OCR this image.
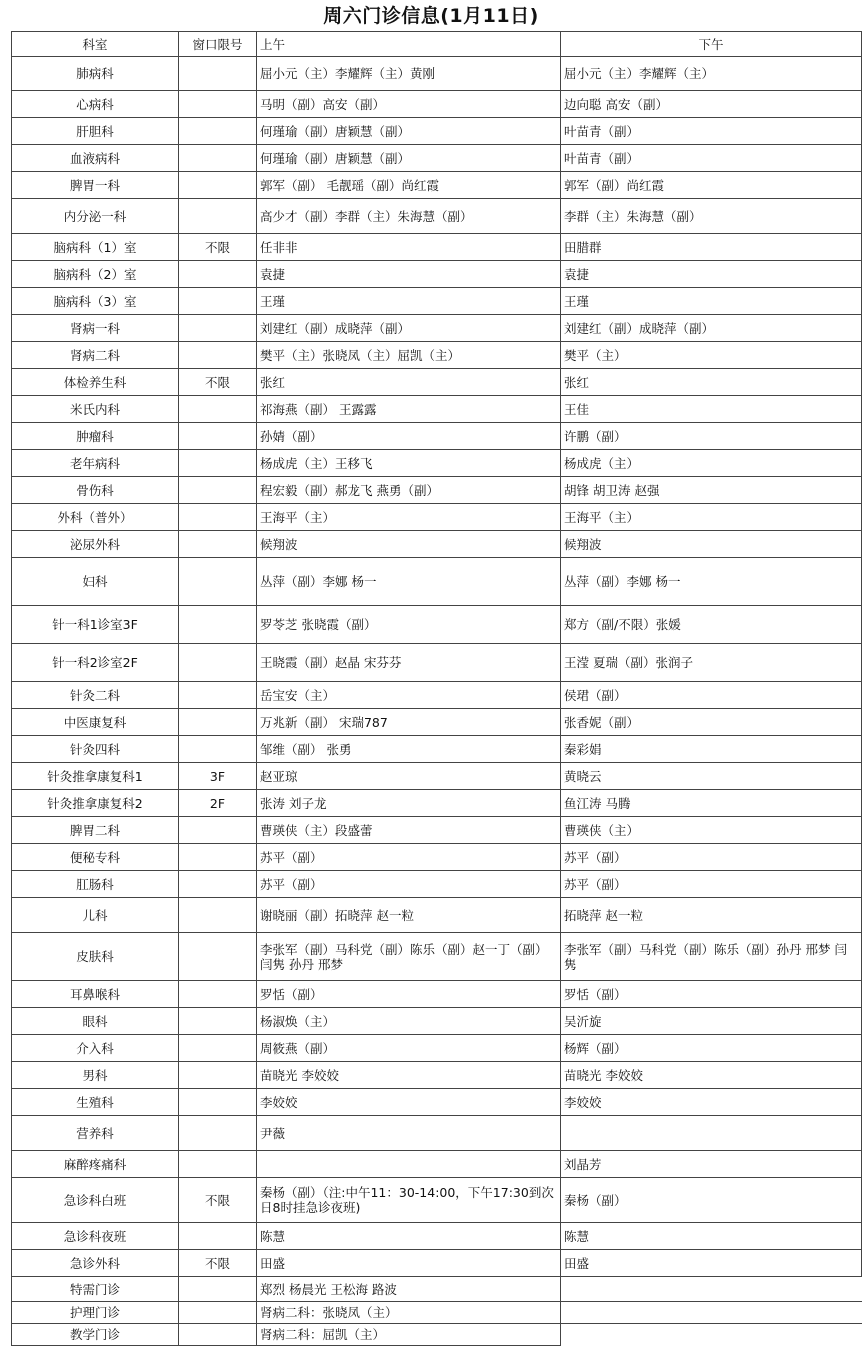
周六门诊信息(1月11日)
科室	窗口限号	上午	下午
肺病科		屈小元（主）李耀辉（主）黄刚	屈小元（主）李耀辉（主）
心病科		马明（副）高安（副）	边向聪 高安（副）
肝胆科		何瑾瑜（副）唐颖慧（副）	叶苗青（副）
血液病科		何瑾瑜（副）唐颖慧（副）	叶苗青（副）
脾胃一科		郭军（副） 毛靓瑶（副）尚红霞	郭军（副）尚红霞
内分泌一科		高少才（副）李群（主）朱海慧（副）	李群（主）朱海慧（副）
脑病科（1）室	不限	任非非	田腊群
脑病科（2）室		袁捷	袁捷
脑病科（3）室		王瑾	王瑾
肾病一科		刘建红（副）成晓萍（副）	刘建红（副）成晓萍（副）
肾病二科		樊平（主）张晓凤（主）屈凯（主）	樊平（主）
体检养生科	不限	张红	张红
米氏内科		祁海燕（副） 王露露	王佳
肿瘤科		孙婧（副）	许鹏（副）
老年病科		杨成虎（主）王移飞	杨成虎（主）
骨伤科		程宏毅（副）郝龙飞 燕勇（副）	胡锋 胡卫涛 赵强
外科（普外）		王海平（主）	王海平（主）
泌尿外科		候翔波	候翔波
妇科		丛萍（副）李娜 杨一	丛萍（副）李娜 杨一
针一科1诊室3F		罗苓芝 张晓霞（副）	郑方（副/不限）张媛
针一科2诊室2F		王晓霞（副）赵晶 宋芬芬	王滢 夏瑞（副）张润子
针灸二科		岳宝安（主）	侯珺（副）
中医康复科		万兆新（副） 宋瑞787	张香妮（副）
针灸四科		邹维（副） 张勇	秦彩娟
针灸推拿康复科1	3F	赵亚琼	黄晓云
针灸推拿康复科2	2F	张涛 刘子龙	鱼江涛 马腾
脾胃二科		曹瑛侠（主）段盛蕾	曹瑛侠（主）
便秘专科		苏平（副）	苏平（副）
肛肠科		苏平（副）	苏平（副）
儿科		谢晓丽（副）拓晓萍 赵一粒	拓晓萍 赵一粒
皮肤科		李张军（副）马科党（副）陈乐（副）赵一丁（副）闫隽 孙丹 邢梦	李张军（副）马科党（副）陈乐（副）孙丹 邢梦 闫隽
耳鼻喉科		罗恬（副）	罗恬（副）
眼科		杨淑焕（主）	吴沂旋
介入科		周筱燕（副）	杨辉（副）
男科		苗晓光 李姣姣	苗晓光 李姣姣
生殖科		李姣姣	李姣姣
营养科		尹薇	
麻醉疼痛科			刘晶芳
急诊科白班	不限	秦杨（副）（注:中午11：30-14:00，下午17:30到次日8时挂急诊夜班)	秦杨（副）
急诊科夜班		陈慧	陈慧
急诊外科	不限	田盛	田盛
特需门诊		郑烈 杨晨光 王松海 路波	
护理门诊		肾病二科：张晓凤（主）	
教学门诊		肾病二科：屈凯（主）	
